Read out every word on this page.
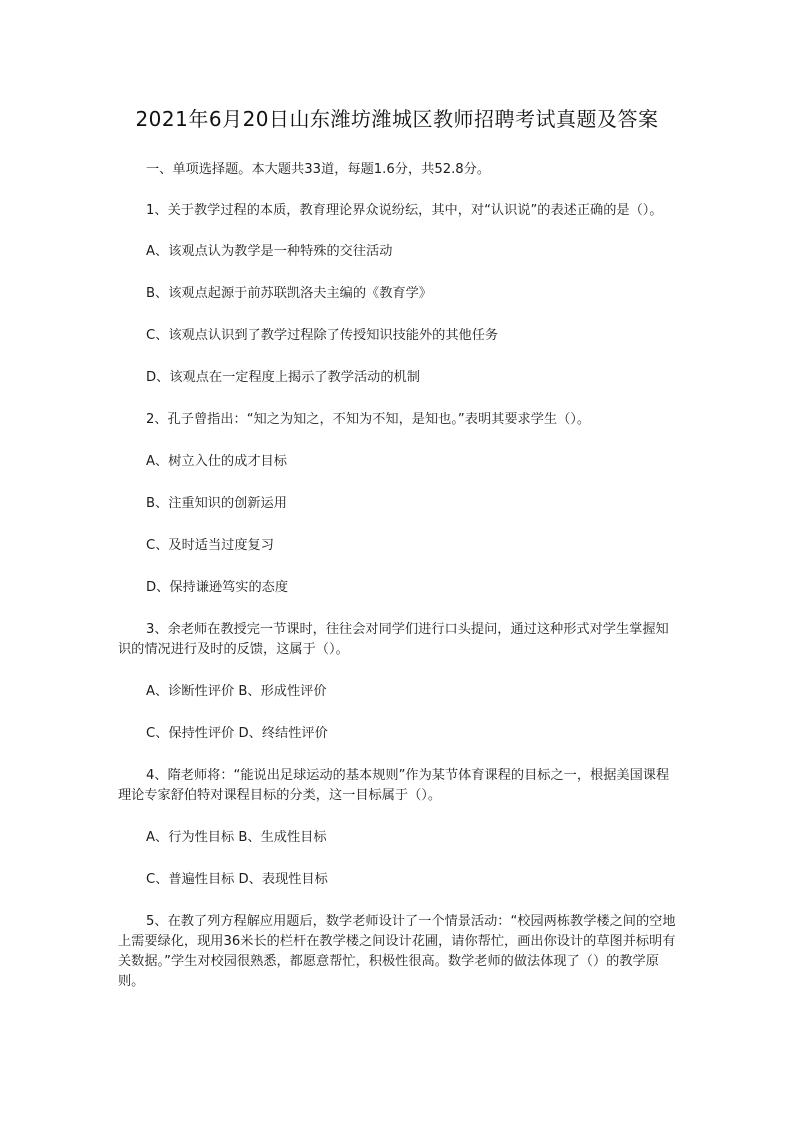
2021年6月20日山东潍坊潍城区教师招聘考试真题及答案

一、单项选择题。本大题共33道，每题1.6分，共52.8分。

1、关于教学过程的本质，教育理论界众说纷纭，其中，对“认识说”的表述正确的是（）。

A、该观点认为教学是一种特殊的交往活动

B、该观点起源于前苏联凯洛夫主编的《教育学》

C、该观点认识到了教学过程除了传授知识技能外的其他任务

D、该观点在一定程度上揭示了教学活动的机制

2、孔子曾指出：“知之为知之，不知为不知，是知也。”表明其要求学生（）。

A、树立入仕的成才目标

B、注重知识的创新运用

C、及时适当过度复习

D、保持谦逊笃实的态度

3、余老师在教授完一节课时，往往会对同学们进行口头提问，通过这种形式对学生掌握知识的情况进行及时的反馈，这属于（）。

A、诊断性评价 B、形成性评价

C、保持性评价 D、终结性评价

4、隋老师将：“能说出足球运动的基本规则”作为某节体育课程的目标之一，根据美国课程理论专家舒伯特对课程目标的分类，这一目标属于（）。

A、行为性目标 B、生成性目标

C、普遍性目标 D、表现性目标

5、在教了列方程解应用题后，数学老师设计了一个情景活动：“校园两栋教学楼之间的空地上需要绿化，现用36米长的栏杆在教学楼之间设计花圃，请你帮忙，画出你设计的草图并标明有关数据。”学生对校园很熟悉，都愿意帮忙，积极性很高。数学老师的做法体现了（）的教学原则。
